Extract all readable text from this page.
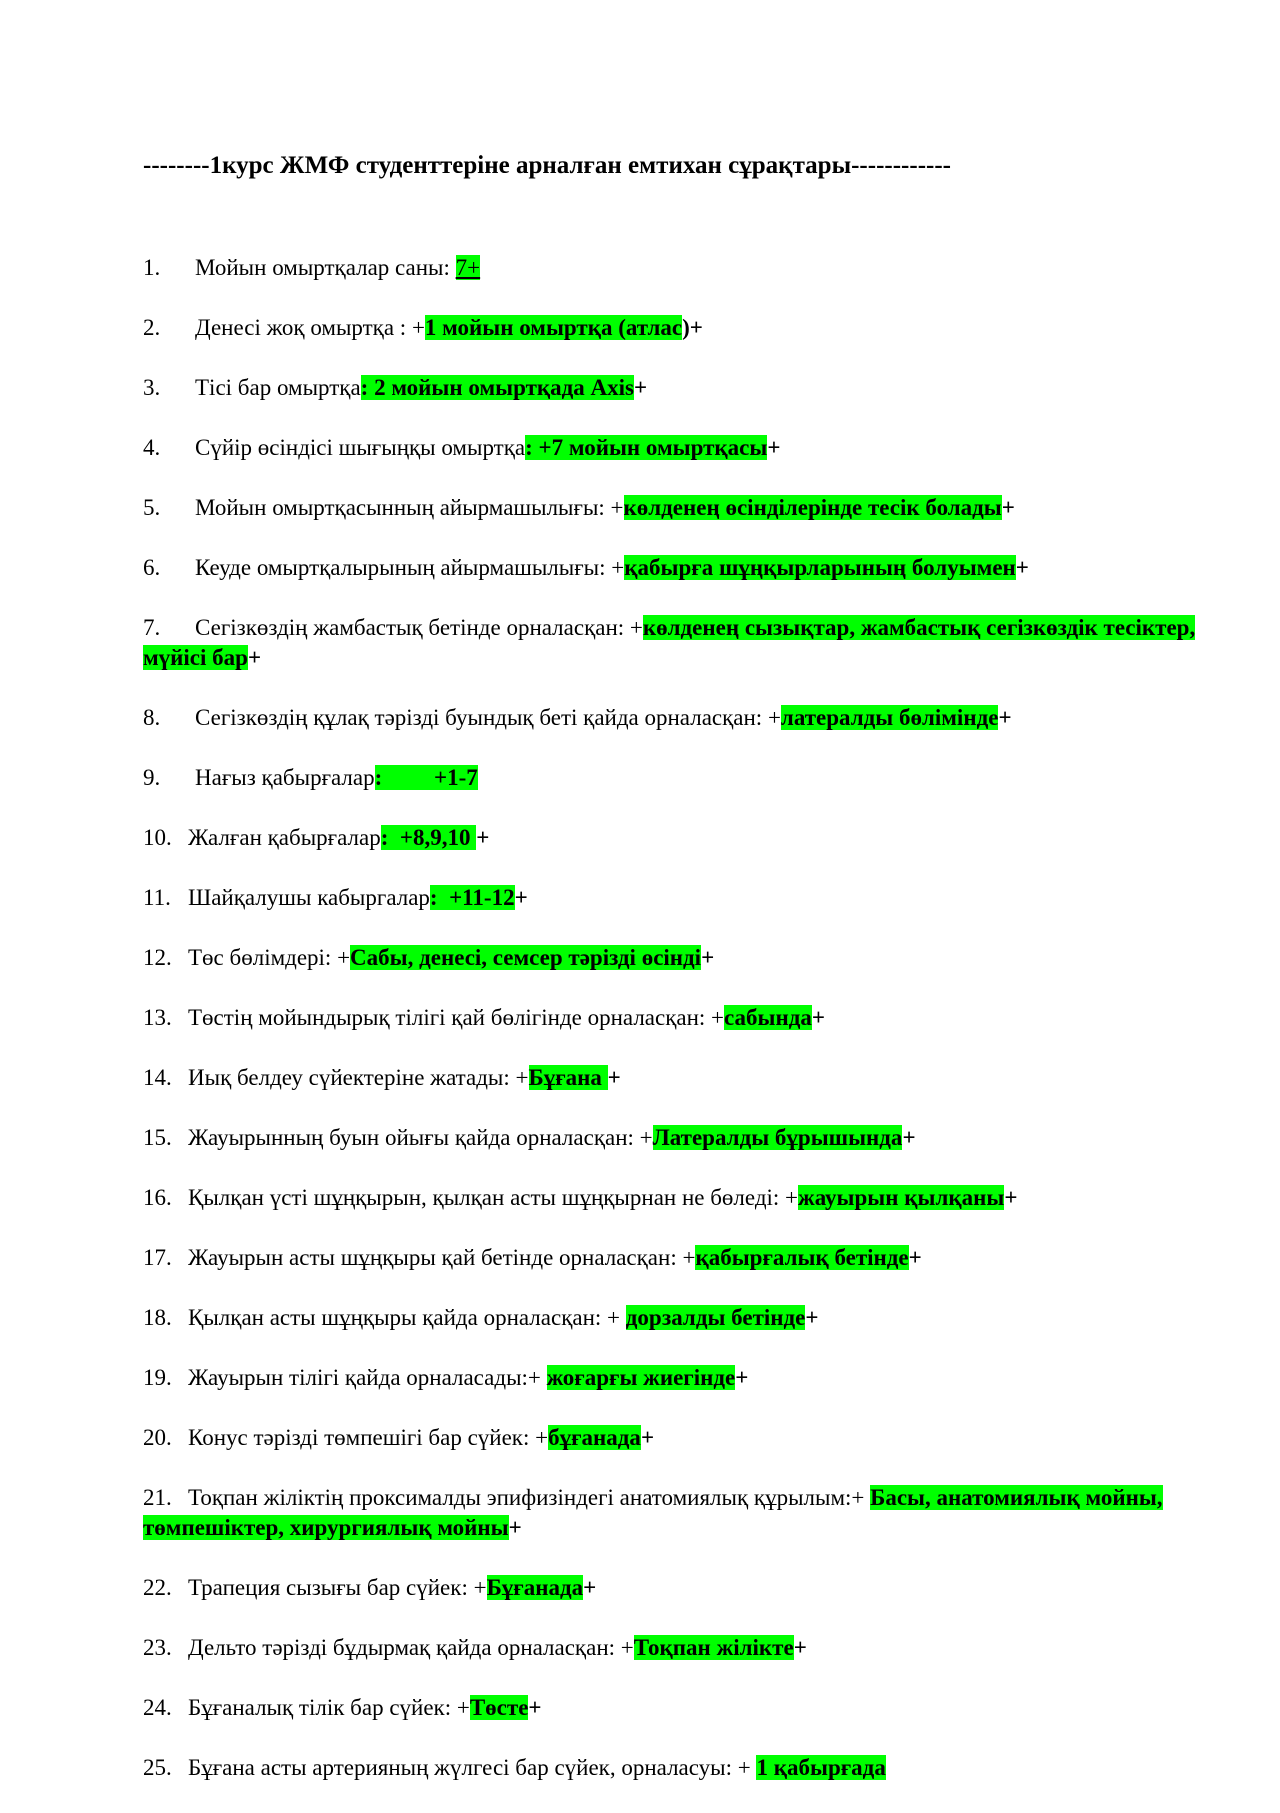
--------1курс ЖМФ студенттеріне арналған емтихан сұрақтары------------
1. Мойын омыртқалар саны: 7+
2. Денесі жоқ омыртқа : +1 мойын омыртқа (атлас)+
3. Тісі бар омыртқа: 2 мойын омыртқада Axis+
4. Сүйір өсіндісі шығыңқы омыртқа: +7 мойын омыртқасы+
5. Мойын омыртқасынның айырмашылығы: +көлденең өсінділерінде тесік болады+
6. Кеуде омыртқалырының айырмашылығы: +қабырға шұңқырларының болуымен+
7. Сегізкөздің жамбастық бетінде орналасқан: +көлденең сызықтар, жамбастық сегізкөздік тесіктер, мүйісі бар+
8. Сегізкөздің құлақ тәрізді буындық беті қайда орналасқан: +латералды бөлімінде+
9. Нағыз қабырғалар:         +1-7
10. Жалған қабырғалар:  +8,9,10 +
11. Шайқалушы кабыргалар:  +11-12+
12. Төс бөлімдері: +Сабы, денесі, семсер тәрізді өсінді+
13. Төстің мойындырық тілігі қай бөлігінде орналасқан: +сабында+
14. Иық белдеу сүйектеріне жатады: +Бұғана +
15. Жауырынның буын ойығы қайда орналасқан: +Латералды бұрышында+
16. Қылқан үсті шұңқырын, қылқан асты шұңқырнан не бөледі: +жауырын қылқаны+
17. Жауырын асты шұңқыры қай бетінде орналасқан: +қабырғалық бетінде+
18. Қылқан асты шұңқыры қайда орналасқан: + дорзалды бетінде+
19. Жауырын тілігі қайда орналасады:+ жоғарғы жиегінде+
20. Конус тәрізді төмпешігі бар сүйек: +бұғанада+
21. Тоқпан жіліктің проксималды эпифизіндегі анатомиялық құрылым:+ Басы, анатомиялық мойны, төмпешіктер, хирургиялық мойны+
22. Трапеция сызығы бар сүйек: +Бұғанада+
23. Дельто тәрізді бұдырмақ қайда орналасқан: +Тоқпан жілікте+
24. Бұғаналық тілік бар сүйек: +Төсте+
25. Бұғана асты артерияның жүлгесі бар сүйек, орналасуы: + 1 қабырғада
